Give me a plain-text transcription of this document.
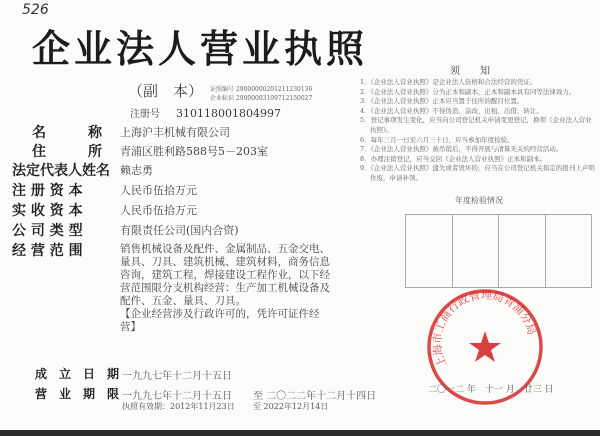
526
企业法人营业执照
（副　本） 证照编号 29000000201211230136
企业标识 29000003199712150027
注册号　 310118001804997
名　　　称 上海沪丰机械有限公司
住　　　所 青浦区胜利路588号5－203室
法定代表人姓名 赖志勇
注 册 资 本	人民币伍拾万元
实 收 资 本	人民币伍拾万元
公 司 类 型	有限责任公司(国内合资)
经 营 范 围	销售机械设备及配件、金属制品、五金交电、量具、刀具、建筑机械、建筑材料，商务信息咨询，建筑工程，焊接建设工程作业，以下经营范围限分支机构经营：生产加工机械设备及配件、五金、量具、刀具。
【企业经营涉及行政许可的，凭许可证件经营】
须知
1．《企业法人营业执照》是企业法人资格和合法经营的凭证。
2．《企业法人营业执照》分为正本和副本，正本和副本具有同等法律效力。
3．《企业法人营业执照》正本应当置于住所的醒目位置。
4．《企业法人营业执照》不得伪造、涂改、出租、出借、转让。
5．登记事项发生变化，应当向公司登记机关申请变更登记，换领《企业法人营业执照》。
6．每年三月一日至六月三十日，应当参加年度检验。
7．《企业法人营业执照》被吊销后，不得开展与清算无关的经营活动。
8．办理注销登记，应当交回《企业法人营业执照》正本和副本。
9．《企业法人营业执照》遗失或者毁坏的，应当在公司登记机关指定的报刊上声明作废，申请补领。
年度检验情况
上海市工商行政管理局青浦分局
成　立　日　期 一九九七年十二月十五日
营　业　期　限 一九九七年十二月十五日 至 二〇二二年十二月十四日
执照有效期：2012年11月23日 至 2022年12月14日
二〇一二 年　十一 月　廿三 日
